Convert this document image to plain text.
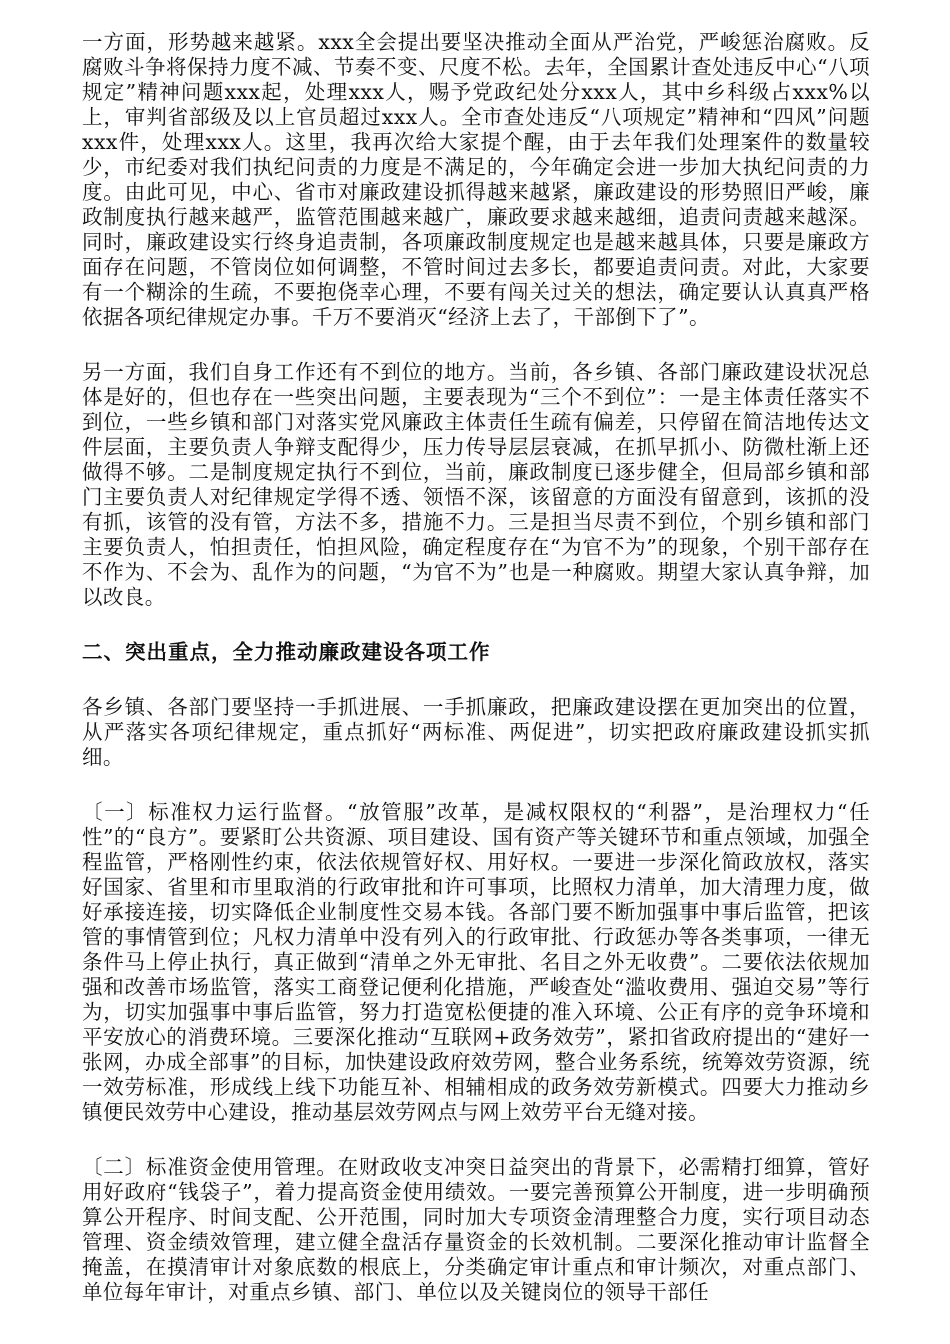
一方面，形势越来越紧。xxx全会提出要坚决推动全面从严治党，严峻惩治腐败。反腐败斗争将保持力度不减、节奏不变、尺度不松。去年，全国累计查处违反中心“八项规定”精神问题xxx起，处理xxx人，赐予党政纪处分xxx人，其中乡科级占xxx%以上，审判省部级及以上官员超过xxx人。全市查处违反“八项规定”精神和“四风”问题xxx件，处理xxx人。这里，我再次给大家提个醒，由于去年我们处理案件的数量较少，市纪委对我们执纪问责的力度是不满足的，今年确定会进一步加大执纪问责的力度。由此可见，中心、省市对廉政建设抓得越来越紧，廉政建设的形势照旧严峻，廉政制度执行越来越严，监管范围越来越广，廉政要求越来越细，追责问责越来越深。同时，廉政建设实行终身追责制，各项廉政制度规定也是越来越具体，只要是廉政方面存在问题，不管岗位如何调整，不管时间过去多长，都要追责问责。对此，大家要有一个糊涂的生疏，不要抱侥幸心理，不要有闯关过关的想法，确定要认认真真严格依据各项纪律规定办事。千万不要消灭“经济上去了，干部倒下了”。

另一方面，我们自身工作还有不到位的地方。当前，各乡镇、各部门廉政建设状况总体是好的，但也存在一些突出问题，主要表现为“三个不到位”：一是主体责任落实不到位，一些乡镇和部门对落实党风廉政主体责任生疏有偏差，只停留在简洁地传达文件层面，主要负责人争辩支配得少，压力传导层层衰减，在抓早抓小、防微杜渐上还做得不够。二是制度规定执行不到位，当前，廉政制度已逐步健全，但局部乡镇和部门主要负责人对纪律规定学得不透、领悟不深，该留意的方面没有留意到，该抓的没有抓，该管的没有管，方法不多，措施不力。三是担当尽责不到位，个别乡镇和部门主要负责人，怕担责任，怕担风险，确定程度存在“为官不为”的现象，个别干部存在不作为、不会为、乱作为的问题，“为官不为”也是一种腐败。期望大家认真争辩，加以改良。

二、突出重点，全力推动廉政建设各项工作

各乡镇、各部门要坚持一手抓进展、一手抓廉政，把廉政建设摆在更加突出的位置，从严落实各项纪律规定，重点抓好“两标准、两促进”，切实把政府廉政建设抓实抓细。

〔一〕标准权力运行监督。“放管服”改革，是减权限权的“利器”，是治理权力“任性”的“良方”。要紧盯公共资源、项目建设、国有资产等关键环节和重点领域，加强全程监管，严格刚性约束，依法依规管好权、用好权。一要进一步深化简政放权，落实好国家、省里和市里取消的行政审批和许可事项，比照权力清单，加大清理力度，做好承接连接，切实降低企业制度性交易本钱。各部门要不断加强事中事后监管，把该管的事情管到位；凡权力清单中没有列入的行政审批、行政惩办等各类事项，一律无条件马上停止执行，真正做到“清单之外无审批、名目之外无收费”。二要依法依规加强和改善市场监管，落实工商登记便利化措施，严峻查处“滥收费用、强迫交易”等行为，切实加强事中事后监管，努力打造宽松便捷的准入环境、公正有序的竞争环境和平安放心的消费环境。三要深化推动“互联网+政务效劳”，紧扣省政府提出的“建好一张网，办成全部事”的目标，加快建设政府效劳网，整合业务系统，统筹效劳资源，统一效劳标准，形成线上线下功能互补、相辅相成的政务效劳新模式。四要大力推动乡镇便民效劳中心建设，推动基层效劳网点与网上效劳平台无缝对接。

〔二〕标准资金使用管理。在财政收支冲突日益突出的背景下，必需精打细算，管好用好政府“钱袋子”，着力提高资金使用绩效。一要完善预算公开制度，进一步明确预算公开程序、时间支配、公开范围，同时加大专项资金清理整合力度，实行项目动态管理、资金绩效管理，建立健全盘活存量资金的长效机制。二要深化推动审计监督全掩盖，在摸清审计对象底数的根底上，分类确定审计重点和审计频次，对重点部门、单位每年审计，对重点乡镇、部门、单位以及关键岗位的领导干部任
